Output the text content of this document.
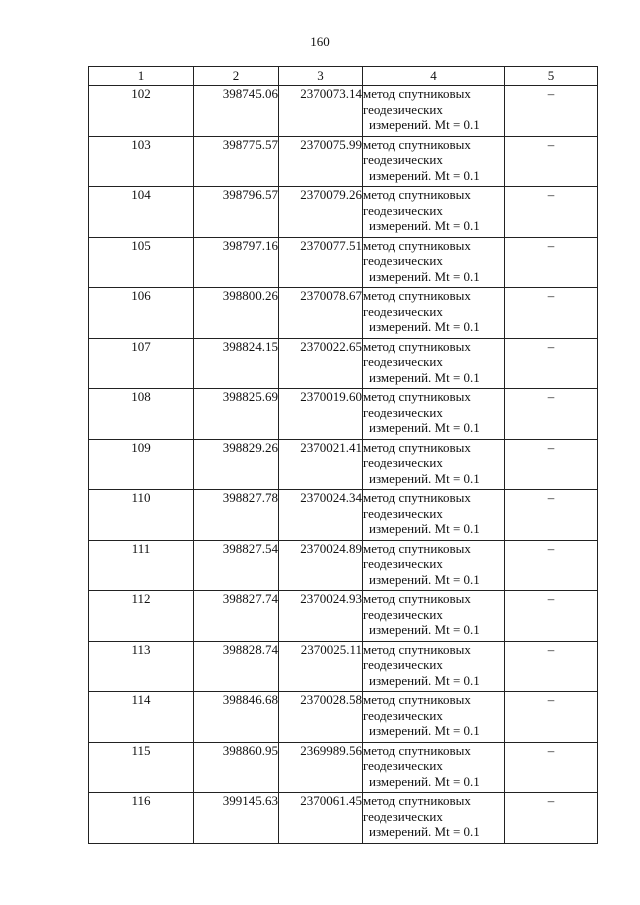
160
1	2	3	4	5
102	398745.06	2370073.14	метод спутниковых
геодезических
измерений. Mt = 0.1	–
103	398775.57	2370075.99	метод спутниковых
геодезических
измерений. Mt = 0.1	–
104	398796.57	2370079.26	метод спутниковых
геодезических
измерений. Mt = 0.1	–
105	398797.16	2370077.51	метод спутниковых
геодезических
измерений. Mt = 0.1	–
106	398800.26	2370078.67	метод спутниковых
геодезических
измерений. Mt = 0.1	–
107	398824.15	2370022.65	метод спутниковых
геодезических
измерений. Mt = 0.1	–
108	398825.69	2370019.60	метод спутниковых
геодезических
измерений. Mt = 0.1	–
109	398829.26	2370021.41	метод спутниковых
геодезических
измерений. Mt = 0.1	–
110	398827.78	2370024.34	метод спутниковых
геодезических
измерений. Mt = 0.1	–
111	398827.54	2370024.89	метод спутниковых
геодезических
измерений. Mt = 0.1	–
112	398827.74	2370024.93	метод спутниковых
геодезических
измерений. Mt = 0.1	–
113	398828.74	2370025.11	метод спутниковых
геодезических
измерений. Mt = 0.1	–
114	398846.68	2370028.58	метод спутниковых
геодезических
измерений. Mt = 0.1	–
115	398860.95	2369989.56	метод спутниковых
геодезических
измерений. Mt = 0.1	–
116	399145.63	2370061.45	метод спутниковых
геодезических
измерений. Mt = 0.1	–
